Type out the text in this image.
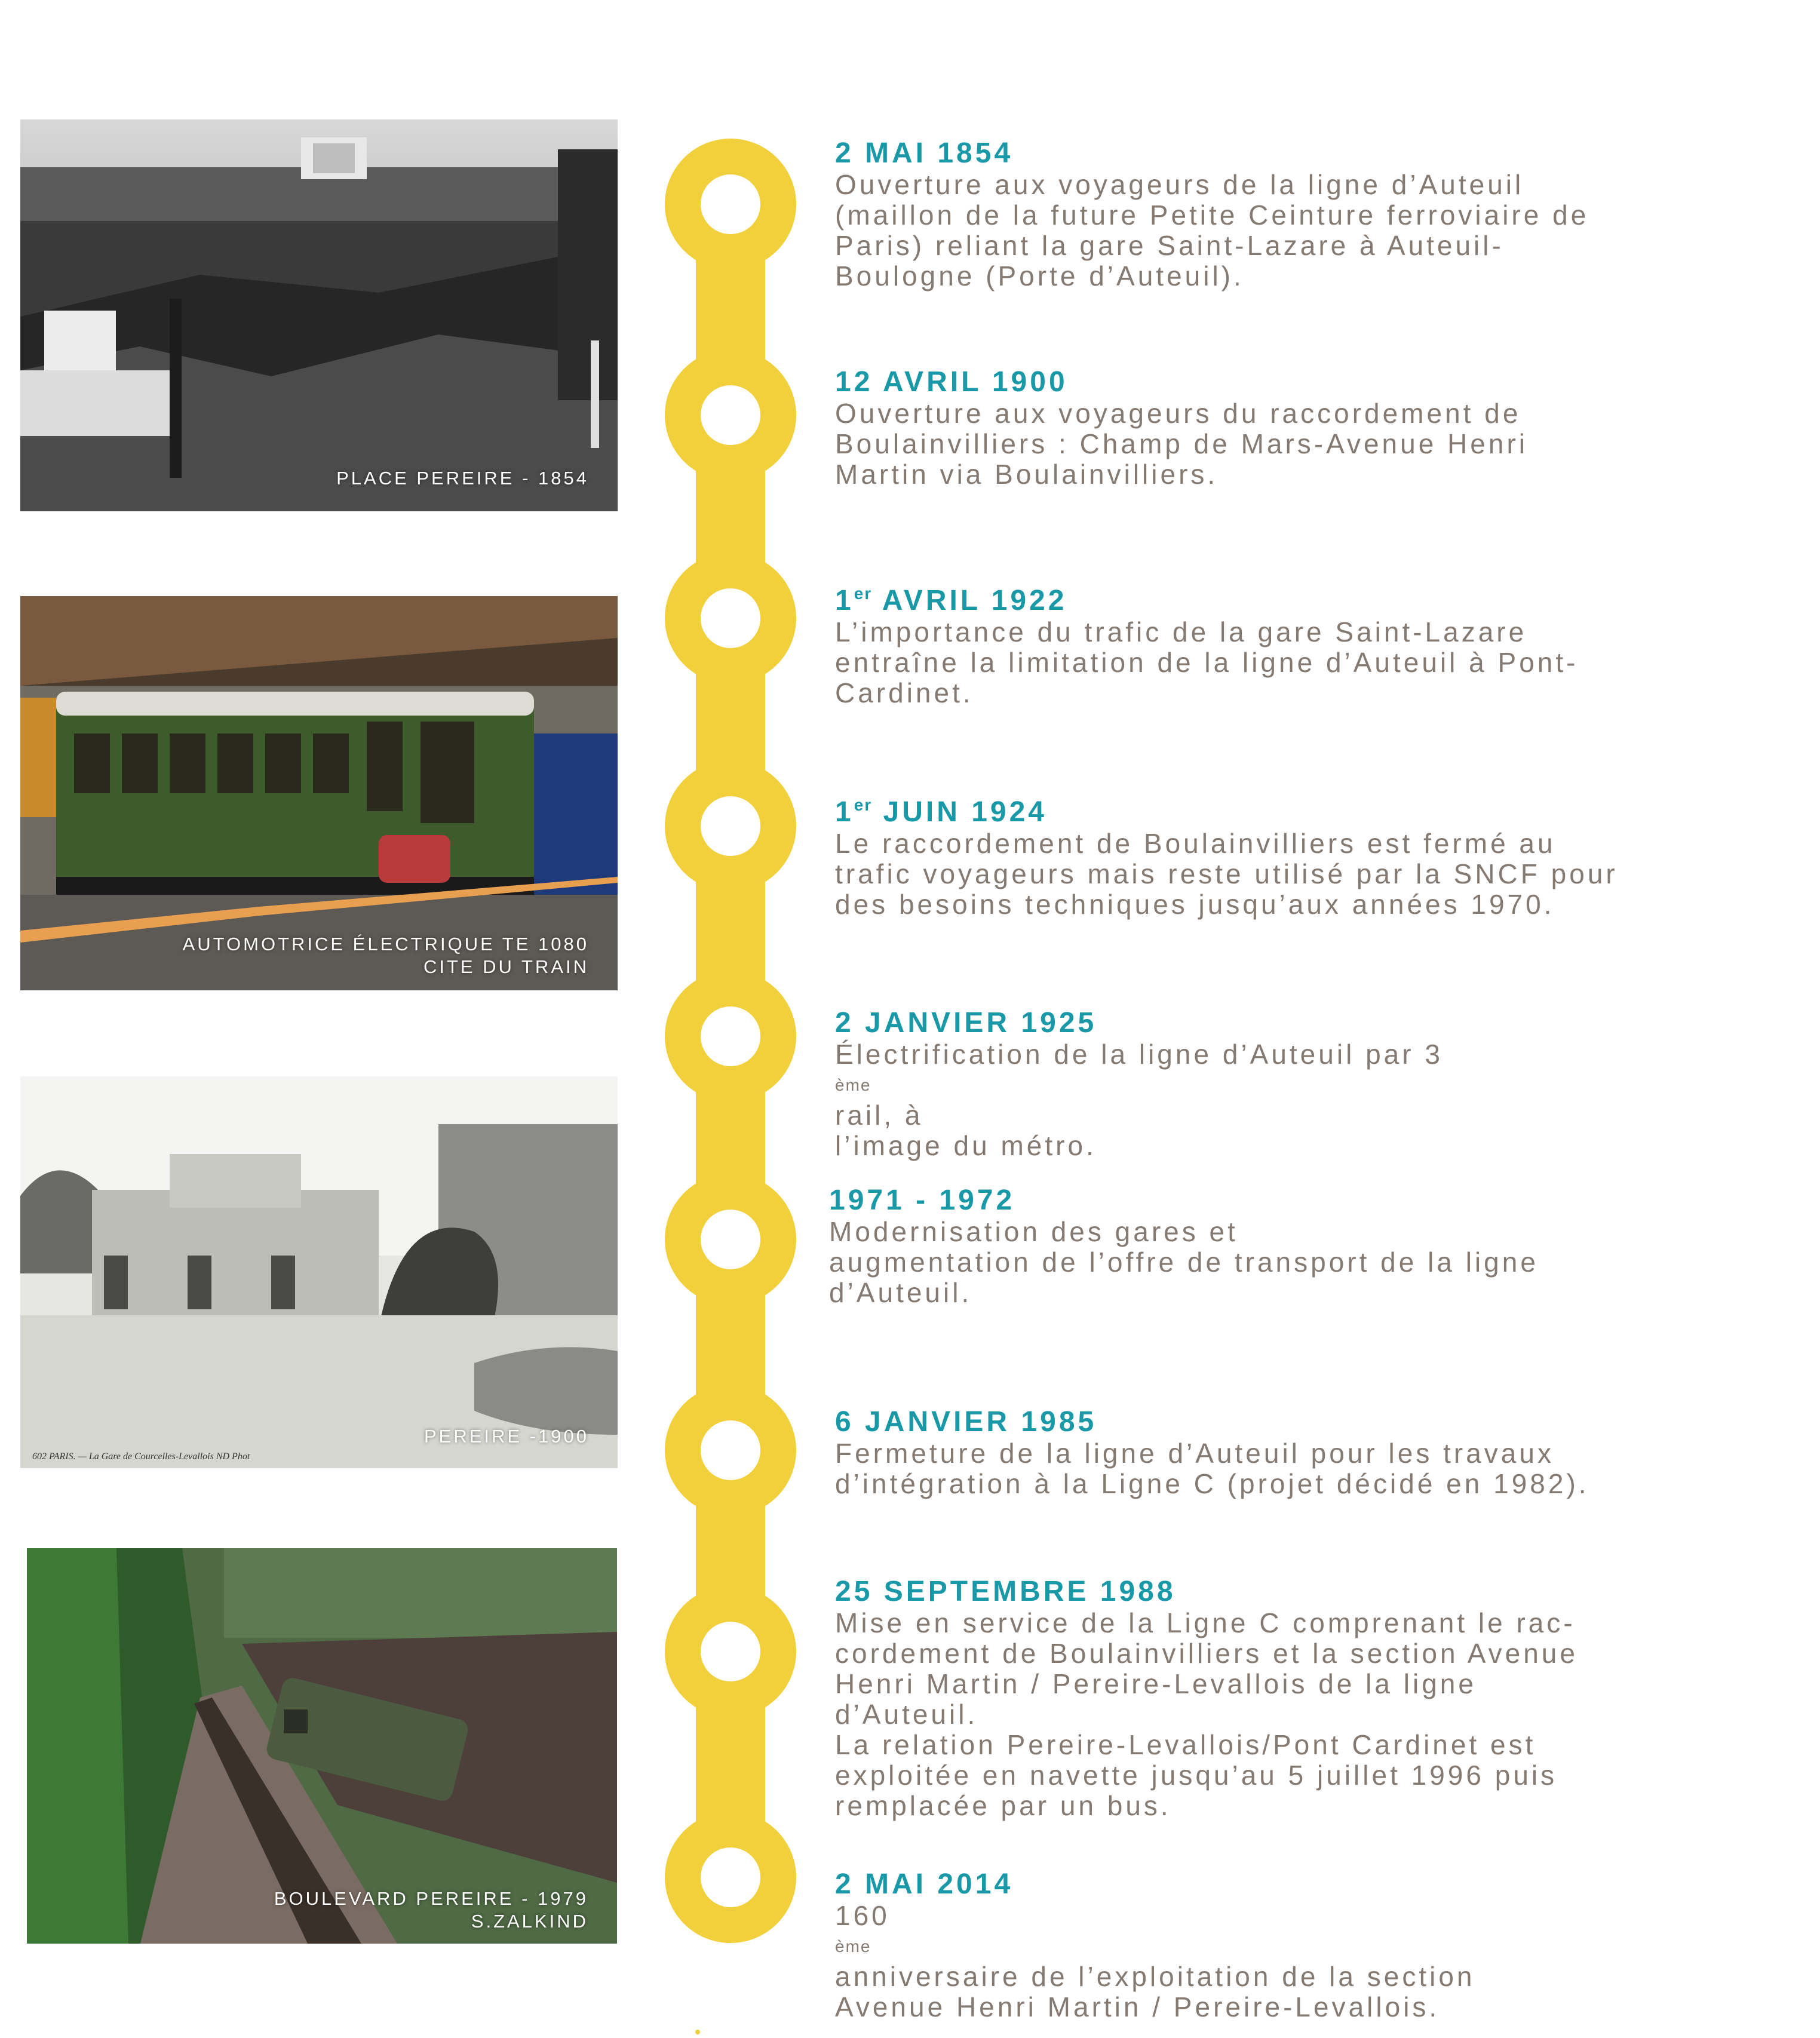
PLACE PEREIRE - 1854
AUTOMOTRICE ÉLECTRIQUE TE 1080
CITE DU TRAIN
602 PARIS. — La Gare de Courcelles-Levallois ND Phot
PEREIRE -1900
BOULEVARD PEREIRE - 1979
S.ZALKIND

2 MAI 1854

Ouverture aux voyageurs de la ligne d’Auteuil
(maillon de la future Petite Ceinture ferroviaire de
Paris) reliant la gare Saint-Lazare à Auteuil-
Boulogne (Porte d’Auteuil).

12 AVRIL 1900

Ouverture aux voyageurs du raccordement de
Boulainvilliers : Champ de Mars-Avenue Henri
Martin via Boulainvilliers.

1er AVRIL 1922

L’importance du trafic de la gare Saint-Lazare
entraîne la limitation de la ligne d’Auteuil à Pont-
Cardinet.

1er JUIN 1924

Le raccordement de Boulainvilliers est fermé au
trafic voyageurs mais reste utilisé par la SNCF pour
des besoins techniques jusqu’aux années 1970.

2 JANVIER 1925

Électrification de la ligne d’Auteuil par 3
ème
rail, à
l’image du métro.

1971 - 1972

Modernisation des gares et
augmentation de l’offre de transport de la ligne
d’Auteuil.

6 JANVIER 1985

Fermeture de la ligne d’Auteuil pour les travaux
d’intégration à la Ligne C (projet décidé en 1982).

25 SEPTEMBRE 1988

Mise en service de la Ligne C comprenant le rac-
cordement de Boulainvilliers et la section Avenue
Henri Martin / Pereire-Levallois de la ligne
d’Auteuil.
La relation Pereire-Levallois/Pont Cardinet est
exploitée en navette jusqu’au 5 juillet 1996 puis
remplacée par un bus.

2 MAI 2014

160
ème
anniversaire de l’exploitation de la section
Avenue Henri Martin / Pereire-Levallois.
